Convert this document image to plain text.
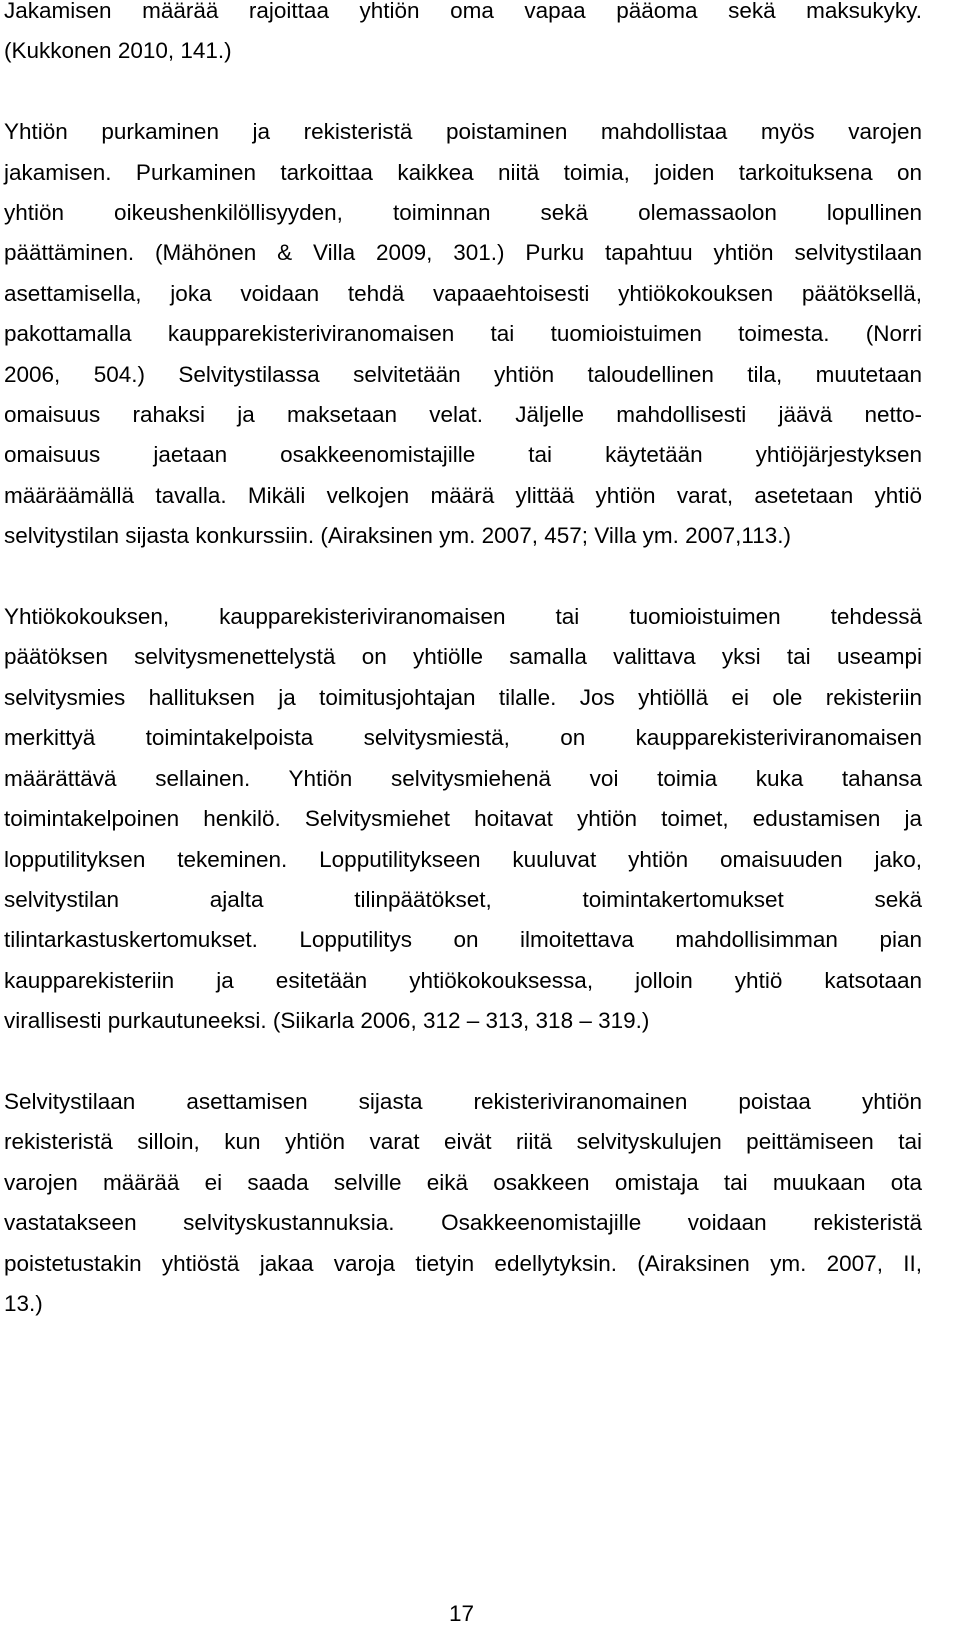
Jakamisen määrää rajoittaa yhtiön oma vapaa pääoma sekä maksukyky.
(Kukkonen 2010, 141.)

Yhtiön purkaminen ja rekisteristä poistaminen mahdollistaa myös varojen
jakamisen. Purkaminen tarkoittaa kaikkea niitä toimia, joiden tarkoituksena on
yhtiön oikeushenkilöllisyyden, toiminnan sekä olemassaolon lopullinen
päättäminen. (Mähönen & Villa 2009, 301.) Purku tapahtuu yhtiön selvitystilaan
asettamisella, joka voidaan tehdä vapaaehtoisesti yhtiökokouksen päätöksellä,
pakottamalla kaupparekisteriviranomaisen tai tuomioistuimen toimesta. (Norri
2006, 504.) Selvitystilassa selvitetään yhtiön taloudellinen tila, muutetaan
omaisuus rahaksi ja maksetaan velat. Jäljelle mahdollisesti jäävä netto-
omaisuus jaetaan osakkeenomistajille tai käytetään yhtiöjärjestyksen
määräämällä tavalla. Mikäli velkojen määrä ylittää yhtiön varat, asetetaan yhtiö
selvitystilan sijasta konkurssiin. (Airaksinen ym. 2007, 457; Villa ym. 2007,113.)

Yhtiökokouksen, kaupparekisteriviranomaisen tai tuomioistuimen tehdessä
päätöksen selvitysmenettelystä on yhtiölle samalla valittava yksi tai useampi
selvitysmies hallituksen ja toimitusjohtajan tilalle. Jos yhtiöllä ei ole rekisteriin
merkittyä toimintakelpoista selvitysmiestä, on kaupparekisteriviranomaisen
määrättävä sellainen. Yhtiön selvitysmiehenä voi toimia kuka tahansa
toimintakelpoinen henkilö. Selvitysmiehet hoitavat yhtiön toimet, edustamisen ja
lopputilityksen tekeminen. Lopputilitykseen kuuluvat yhtiön omaisuuden jako,
selvitystilan ajalta tilinpäätökset, toimintakertomukset sekä
tilintarkastuskertomukset. Lopputilitys on ilmoitettava mahdollisimman pian
kaupparekisteriin ja esitetään yhtiökokouksessa, jolloin yhtiö katsotaan
virallisesti purkautuneeksi. (Siikarla 2006, 312 – 313, 318 – 319.)

Selvitystilaan asettamisen sijasta rekisteriviranomainen poistaa yhtiön
rekisteristä silloin, kun yhtiön varat eivät riitä selvityskulujen peittämiseen tai
varojen määrää ei saada selville eikä osakkeen omistaja tai muukaan ota
vastatakseen selvityskustannuksia. Osakkeenomistajille voidaan rekisteristä
poistetustakin yhtiöstä jakaa varoja tietyin edellytyksin. (Airaksinen ym. 2007, II,
13.)

17
